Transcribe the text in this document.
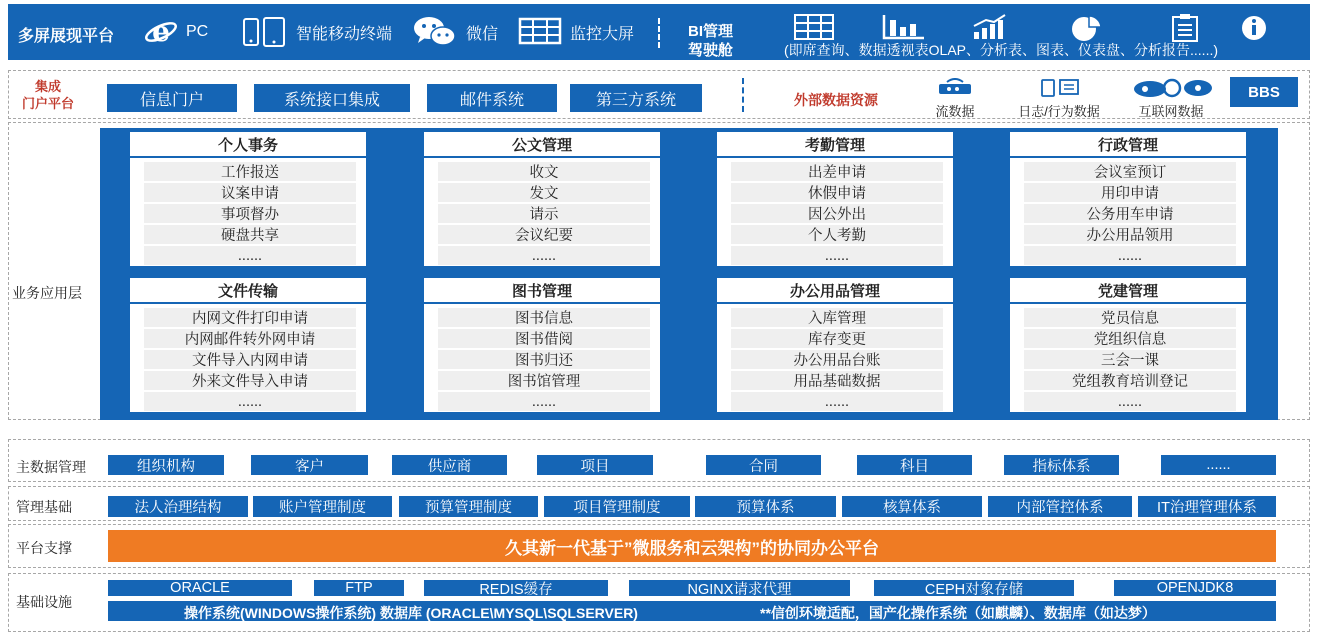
多屏展现平台 e PC	智能移动终端	微信	监控大屏	BI管理
驾驶舱	(即席查询、数据透视表OLAP、分析表、图表、仪表盘、分析报告......)
集成
门户平台	信息门户	系统接口集成	邮件系统	第三方系统	外部数据资源
流数据	日志/行为数据	互联网数据
BBS
业务应用层
个人事务
工作报送
议案申请
事项督办
硬盘共享
......
公文管理
收文
发文
请示
会议纪要
......
考勤管理
出差申请
休假申请
因公外出
个人考勤
......
行政管理
会议室预订
用印申请
公务用车申请
办公用品领用
......
文件传输
内网文件打印申请
内网邮件转外网申请
文件导入内网申请
外来文件导入申请
......
图书管理
图书信息
图书借阅
图书归还
图书馆管理
......
办公用品管理
入库管理
库存变更
办公用品台账
用品基础数据
......
党建管理
党员信息
党组织信息
三会一课
党组教育培训登记
......
主数据管理	组织机构	客户	供应商	项目	合同	科目	指标体系	......
管理基础	法人治理结构	账户管理制度	预算管理制度	项目管理制度	预算体系	核算体系	内部管控体系	IT治理管理体系
平台支撑	久其新一代基于”微服务和云架构”的协同办公平台
基础设施
ORACLE	FTP	REDIS缓存	NGINX请求代理	CEPH对象存储	OPENJDK8
操作系统(WINDOWS操作系统) 数据库 (ORACLE\MYSQL\SQLSERVER)	**信创环境适配，国产化操作系统（如麒麟）、数据库（如达梦）
